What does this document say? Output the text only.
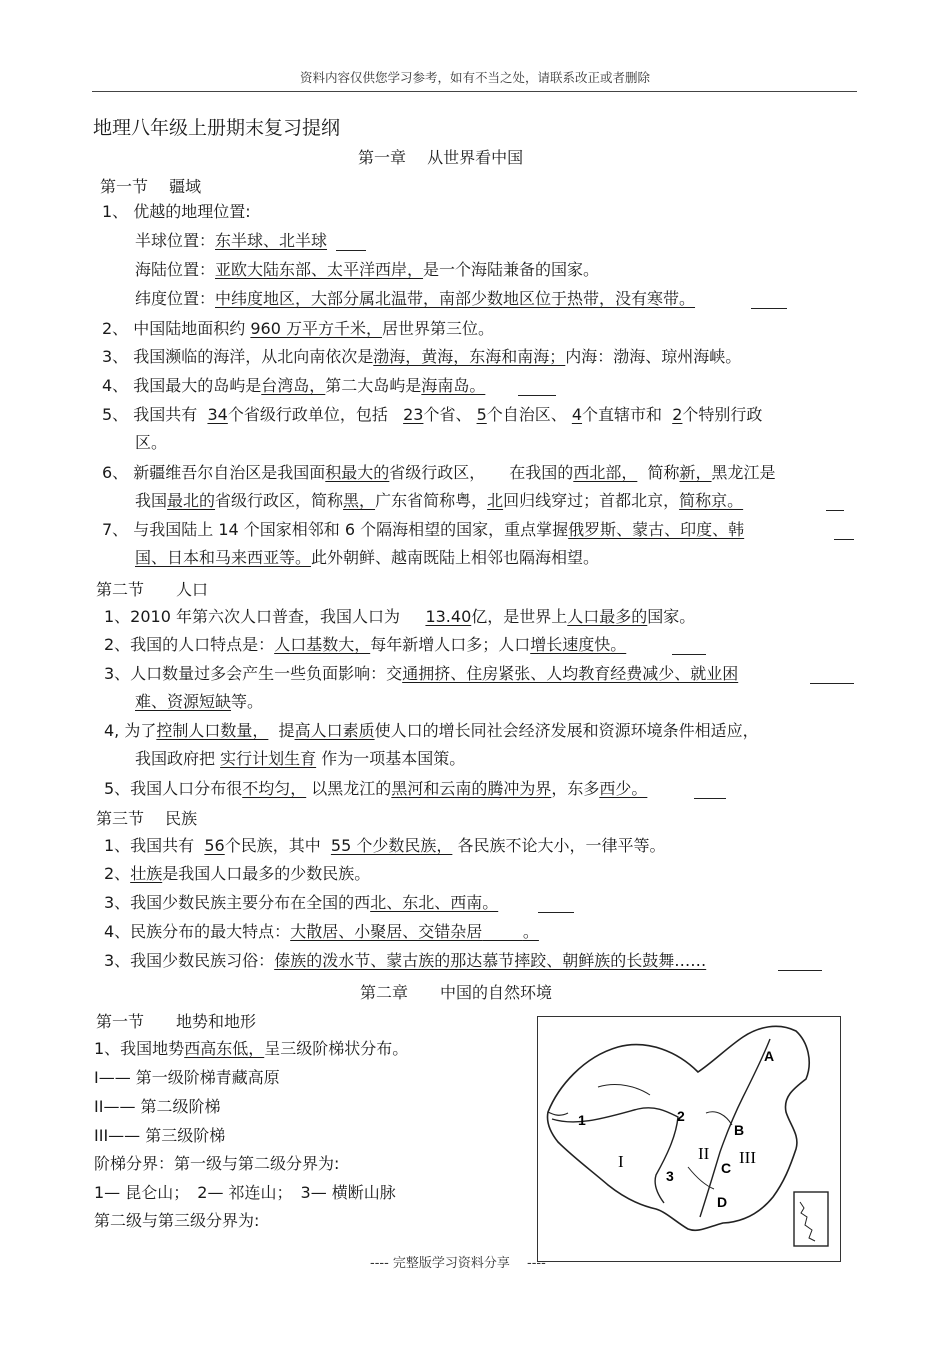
资料内容仅供您学习参考，如有不当之处，请联系改正或者删除
地理八年级上册期末复习提纲
第一章　 从世界看中国
第一节　 疆域
1、 优越的地理位置:
半球位置：东半球、北半球
海陆位置：亚欧大陆东部、太平洋西岸，是一个海陆兼备的国家。
纬度位置：中纬度地区，大部分属北温带，南部少数地区位于热带，没有寒带。
2、 中国陆地面积约 960 万平方千米，居世界第三位。
3、 我国濒临的海洋，从北向南依次是渤海，黄海，东海和南海；内海：渤海、琼州海峡。
4、 我国最大的岛屿是台湾岛，第二大岛屿是海南岛。
5、 我国共有 34个省级行政单位，包括 23个省、 5个自治区、 4个直辖市和 2个特别行政
区。
6、 新疆维吾尔自治区是我国面积最大的省级行政区，　　在我国的西北部， 简称新，黑龙江是
我国最北的省级行政区，简称黑，广东省简称粤，北回归线穿过；首都北京，简称京。
7、 与我国陆上 14 个国家相邻和 6 个隔海相望的国家，重点掌握俄罗斯、蒙古、印度、韩
国、日本和马来西亚等。此外朝鲜、越南既陆上相邻也隔海相望。
第二节　　人口
1、2010 年第六次人口普查，我国人口为 13.40亿，是世界上人口最多的国家。
2、我国的人口特点是：人口基数大，每年新增人口多；人口增长速度快。
3、人口数量过多会产生一些负面影响：交通拥挤、住房紧张、人均教育经费减少、就业困
难、资源短缺等。
4, 为了控制人口数量， 提高人口素质使人口的增长同社会经济发展和资源环境条件相适应，
我国政府把 实行计划生育 作为一项基本国策。
5、我国人口分布很不均匀， 以黑龙江的黑河和云南的腾冲为界，东多西少。
第三节　 民族
1、我国共有 56个民族，其中 55 个少数民族， 各民族不论大小，一律平等。
2、壮族是我国人口最多的少数民族。
3、我国少数民族主要分布在全国的西北、东北、西南。
4、民族分布的最大特点：大散居、小聚居、交错杂居	。
3、我国少数民族习俗：傣族的泼水节、蒙古族的那达慕节摔跤、朝鲜族的长鼓舞……
第二章　　中国的自然环境
第一节　　地势和地形
1、我国地势西高东低，呈三级阶梯状分布。
I—— 第一级阶梯青藏高原
II—— 第二级阶梯
III—— 第三级阶梯
阶梯分界：第一级与第二级分界为:
1— 昆仑山；　2— 祁连山；　3— 横断山脉
第二级与第三级分界为:
1	2
3
I	II III
A
B
C
D
---- 完整版学习资料分享　 ----
